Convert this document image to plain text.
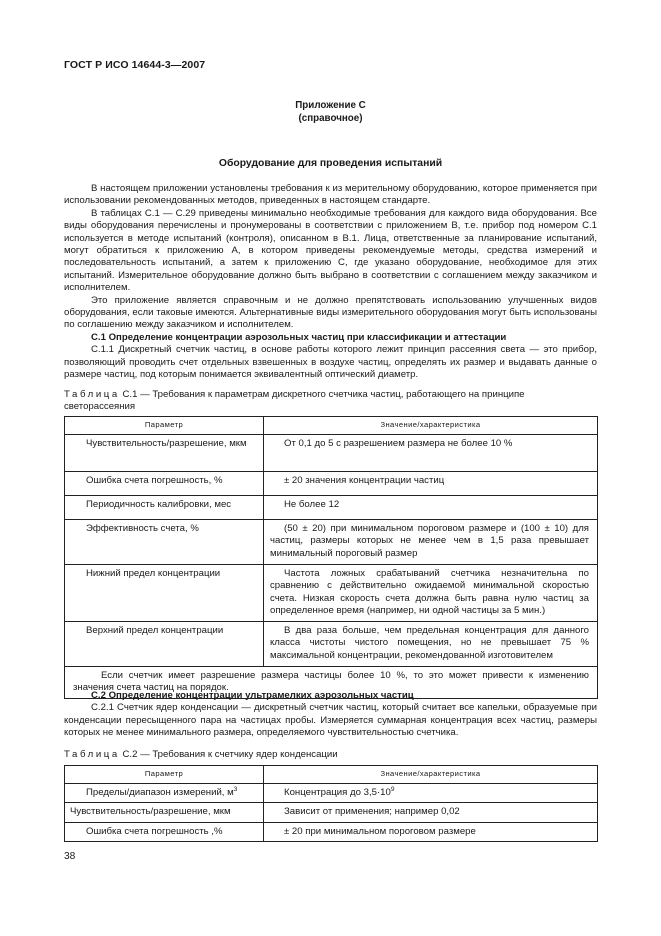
ГОСТ Р ИСО 14644-3—2007
Приложение С
(справочное)
Оборудование для проведения испытаний

В настоящем приложении установлены требования к из мерительному оборудованию, которое применяется при использовании рекомендованных методов, приведенных в настоящем стандарте.

В таблицах С.1 — С.29 приведены минимально необходимые требования для каждого вида оборудования. Все виды оборудования перечислены и пронумерованы в соответствии с приложением В, т.е. прибор под номером С.1 используется в методе испытаний (контроля), описанном в В.1. Лица, ответственные за планирование испытаний, могут обратиться к приложению А, в котором приведены рекомендуемые методы, средства измерений и последовательность испытаний, а затем к приложению С, где указано оборудование, необходимое для этих испытаний. Измерительное оборудование должно быть выбрано в соответствии с соглашением между заказчиком и исполнителем.

Это приложение является справочным и не должно препятствовать использованию улучшенных видов оборудования, если таковые имеются. Альтернативные виды измерительного оборудования могут быть использованы по соглашению между заказчиком и исполнителем.

С.1 Определение концентрации аэрозольных частиц при классификации и аттестации

С.1.1 Дискретный счетчик частиц, в основе работы которого лежит принцип рассеяния света — это прибор, позволяющий проводить счет отдельных взвешенных в воздухе частиц, определять их размер и выдавать данные о размере частиц, под которым понимается эквивалентный оптический диаметр.

Таблица С.1 — Требования к параметрам дискретного счетчика частиц, работающего на принципе светорассеяния
Параметр	Значение/характеристика

Чувствительность/разрешение, мкм	От 0,1 до 5 с разрешением размера не более 10 %

Ошибка счета погрешность, %	± 20 значения концентрации частиц

Периодичность калибровки, мес	Не более 12

Эффективность счета, %	(50 ± 20) при минимальном пороговом размере и (100 ± 10) для частиц, размеры которых не менее чем в 1,5 раза превышает минимальный пороговый размер

Нижний предел концентрации	Частота ложных срабатываний счетчика незначительна по сравнению с действительно ожидаемой минимальной скоростью счета. Низкая скорость счета должна быть равна нулю частиц за определенное время (например, ни одной частицы за 5 мин.)

Верхний предел концентрации	В два раза больше, чем предельная концентрация для данного класса чистоты чистого помещения, но не превышает 75 % максимальной концентрации, рекомендованной изготовителем
Если счетчик имеет разрешение размера частицы более 10 %, то это может привести к изменению значения счета частиц на порядок.	

С.2 Определение концентрации ультрамелких аэрозольных частиц

С.2.1 Счетчик ядер конденсации — дискретный счетчик частиц, который считает все капельки, образуемые при конденсации пересыщенного пара на частицах пробы. Измеряется суммарная концентрация всех частиц, размеры которых не менее минимального размера, определяемого чувствительностью счетчика.

Таблица С.2 — Требования к счетчику ядер конденсации
Параметр	Значение/характеристика

Пределы/диапазон измерений, $м^3$	Концентрация до $3,5\cdot 10^9$

Чувствительность/разрешение, мкм	Зависит от применения; например 0,02

Ошибка счета погрешность ,%	± 20 при минимальном пороговом размере
38
